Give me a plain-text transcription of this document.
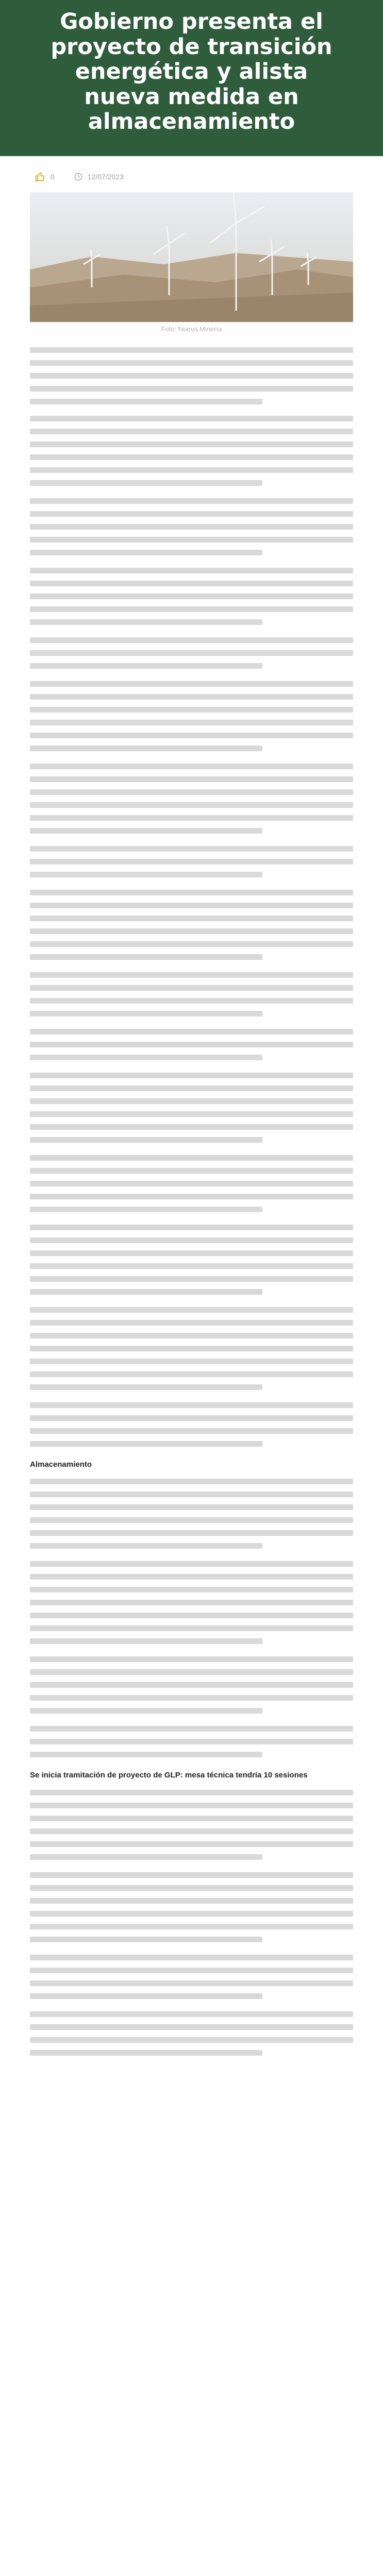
Gobierno presenta el proyecto de transición energética y alista nueva medida en almacenamiento
0	12/07/2023
Foto: Nueva Minería
Almacenamiento
Se inicia tramitación de proyecto de GLP: mesa técnica tendría 10 sesiones
